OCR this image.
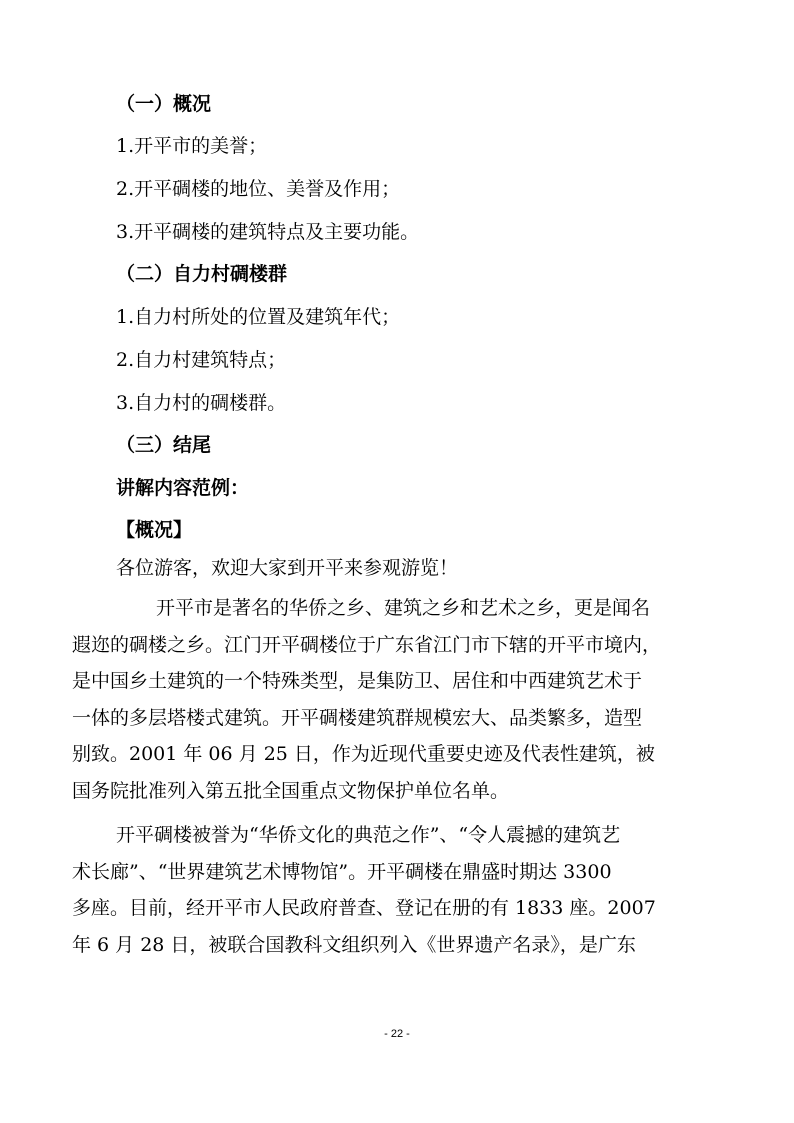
（一）概况
1.开平市的美誉；
2.开平碉楼的地位、美誉及作用；
3.开平碉楼的建筑特点及主要功能。
（二）自力村碉楼群
1.自力村所处的位置及建筑年代；
2.自力村建筑特点；
3.自力村的碉楼群。
（三）结尾
讲解内容范例：
【概况】
各位游客，欢迎大家到开平来参观游览！
开平市是著名的华侨之乡、建筑之乡和艺术之乡，更是闻名
遐迩的碉楼之乡。江门开平碉楼位于广东省江门市下辖的开平市境内，
是中国乡土建筑的一个特殊类型，是集防卫、居住和中西建筑艺术于
一体的多层塔楼式建筑。开平碉楼建筑群规模宏大、品类繁多，造型
别致。2001 年 06 月 25 日，作为近现代重要史迹及代表性建筑，被
国务院批准列入第五批全国重点文物保护单位名单。
开平碉楼被誉为“华侨文化的典范之作”、“令人震撼的建筑艺
术长廊”、“世界建筑艺术博物馆”。开平碉楼在鼎盛时期达 3300
多座。目前，经开平市人民政府普查、登记在册的有 1833 座。2007
年 6 月 28 日，被联合国教科文组织列入《世界遗产名录》，是广东
- 22 -
